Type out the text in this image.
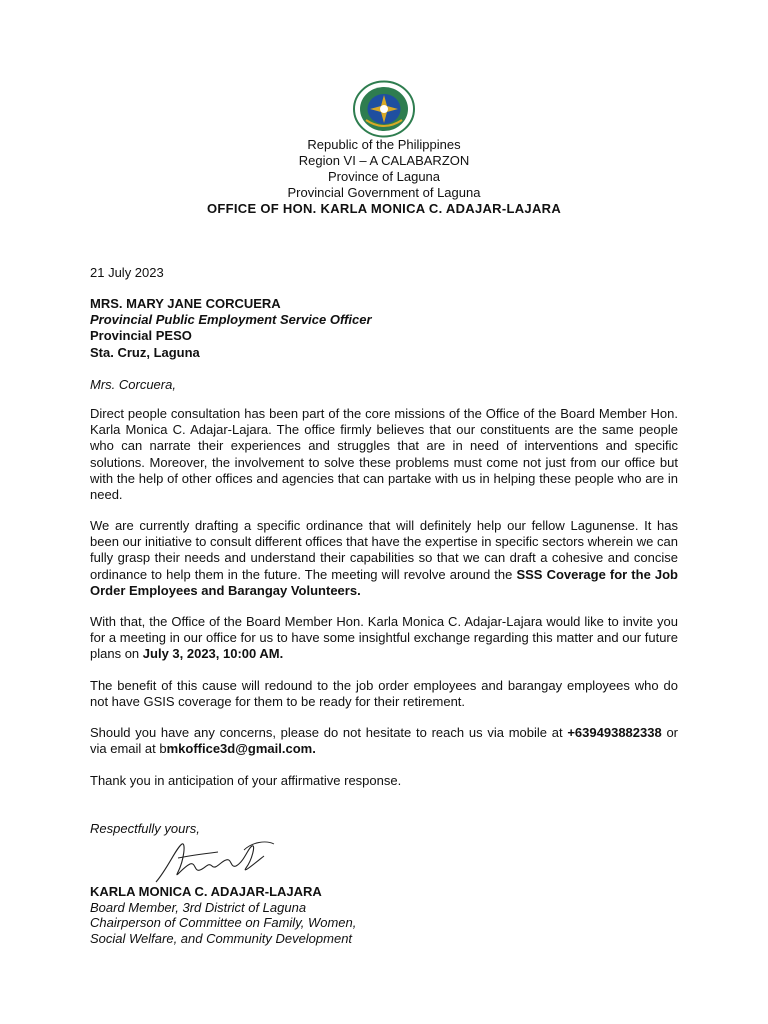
Republic of the Philippines
Region VI – A CALABARZON
Province of Laguna
Provincial Government of Laguna
OFFICE OF HON. KARLA MONICA C. ADAJAR-LAJARA
21 July 2023
MRS. MARY JANE CORCUERA
Provincial Public Employment Service Officer
Provincial PESO
Sta. Cruz, Laguna
Mrs. Corcuera,

Direct people consultation has been part of the core missions of the Office of the Board Member Hon. Karla Monica C. Adajar-Lajara. The office firmly believes that our constituents are the same people who can narrate their experiences and struggles that are in need of interventions and specific solutions. Moreover, the involvement to solve these problems must come not just from our office but with the help of other offices and agencies that can partake with us in helping these people who are in need.

We are currently drafting a specific ordinance that will definitely help our fellow Lagunense. It has been our initiative to consult different offices that have the expertise in specific sectors wherein we can fully grasp their needs and understand their capabilities so that we can draft a cohesive and concise ordinance to help them in the future. The meeting will revolve around the SSS Coverage for the Job Order Employees and Barangay Volunteers.

With that, the Office of the Board Member Hon. Karla Monica C. Adajar-Lajara would like to invite you for a meeting in our office for us to have some insightful exchange regarding this matter and our future plans on July 3, 2023, 10:00 AM.

The benefit of this cause will redound to the job order employees and barangay employees who do not have GSIS coverage for them to be ready for their retirement.

Should you have any concerns, please do not hesitate to reach us via mobile at +639493882338 or via email at bmkoffice3d@gmail.com.

Thank you in anticipation of your affirmative response.

Respectfully yours,
KARLA MONICA C. ADAJAR-LAJARA
Board Member, 3rd District of Laguna
Chairperson of Committee on Family, Women,
Social Welfare, and Community Development
